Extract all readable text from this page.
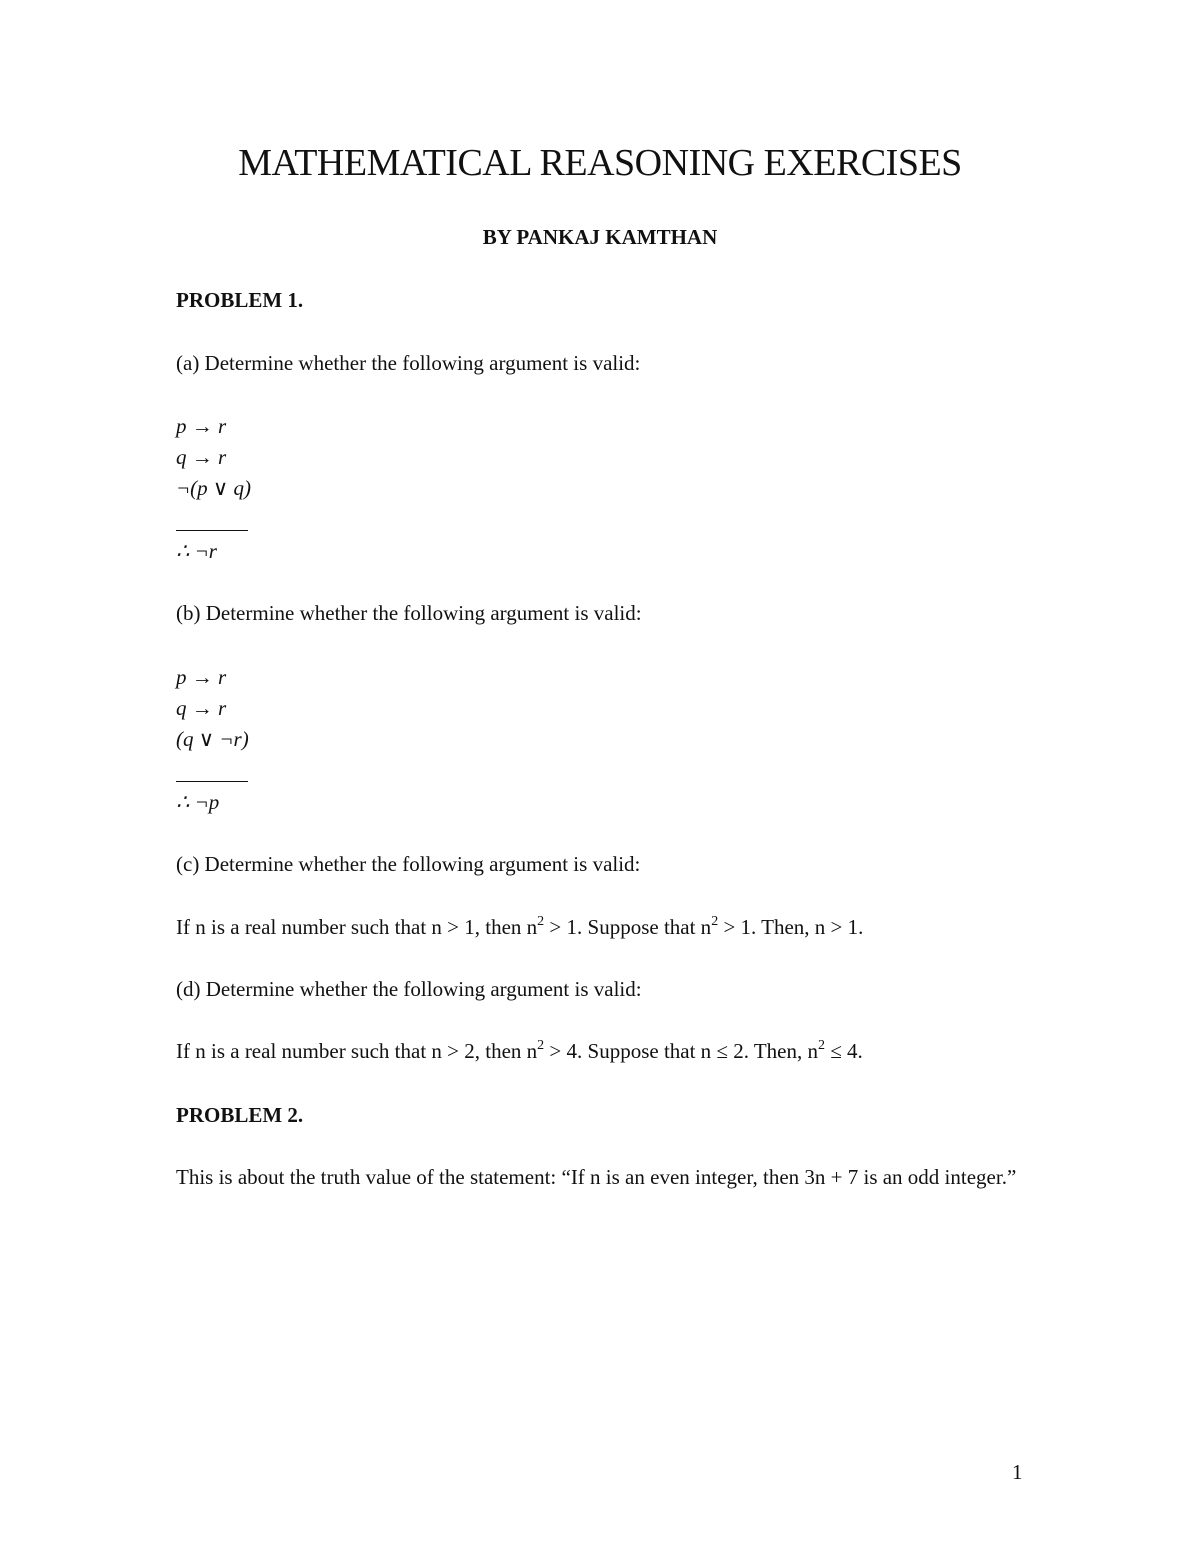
MATHEMATICAL REASONING EXERCISES
BY PANKAJ KAMTHAN
PROBLEM 1.
(a) Determine whether the following argument is valid:
p → r
q → r
¬(p ∨ q)
∴ ¬r
(b) Determine whether the following argument is valid:
p → r
q → r
(q ∨ ¬r)
∴ ¬p
(c) Determine whether the following argument is valid:
If n is a real number such that n > 1, then $n^2 > 1$. Suppose that $n^2 > 1$. Then, n > 1.
(d) Determine whether the following argument is valid:
If n is a real number such that n > 2, then $n^2 > 4$. Suppose that n ≤ 2. Then, $n^2 \le 4$.
PROBLEM 2.

This is about the truth value of the statement: “If n is an even integer, then 3n + 7 is an odd integer.”

1
